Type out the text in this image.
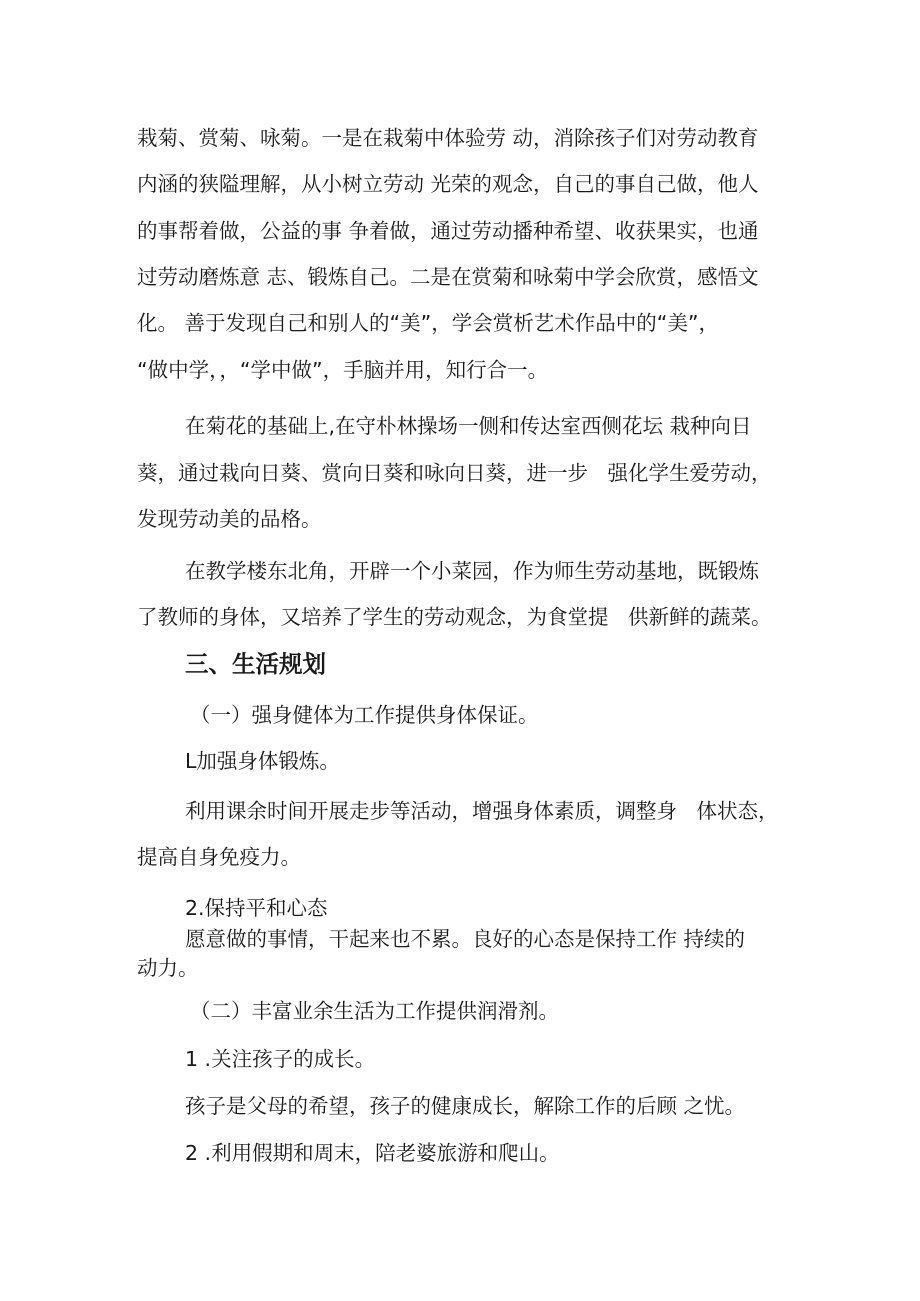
栽菊、赏菊、咏菊。一是在栽菊中体验劳 动，消除孩子们对劳动教育
内涵的狭隘理解，从小树立劳动 光荣的观念，自己的事自己做，他人
的事帮着做，公益的事 争着做，通过劳动播种希望、收获果实，也通
过劳动磨炼意 志、锻炼自己。二是在赏菊和咏菊中学会欣赏，感悟文
化。 善于发现自己和别人的“美”，学会赏析艺术作品中的“美”，
“做中学，，“学中做”，手脑并用，知行合一。
在菊花的基础上,在守朴林操场一侧和传达室西侧花坛 栽种向日
葵，通过栽向日葵、赏向日葵和咏向日葵，进一步   强化学生爱劳动，
发现劳动美的品格。
在教学楼东北角，开辟一个小菜园，作为师生劳动基地，既锻炼
了教师的身体，又培养了学生的劳动观念，为食堂提   供新鲜的蔬菜。
三、生活规划
（一）强身健体为工作提供身体保证。
L加强身体锻炼。
利用课余时间开展走步等活动，增强身体素质，调整身   体状态，
提高自身免疫力。
2.保持平和心态
愿意做的事情，干起来也不累。良好的心态是保持工作 持续的
动力。
（二）丰富业余生活为工作提供润滑剂。
1 .关注孩子的成长。
孩子是父母的希望，孩子的健康成长，解除工作的后顾 之忧。
2 .利用假期和周末，陪老婆旅游和爬山。
